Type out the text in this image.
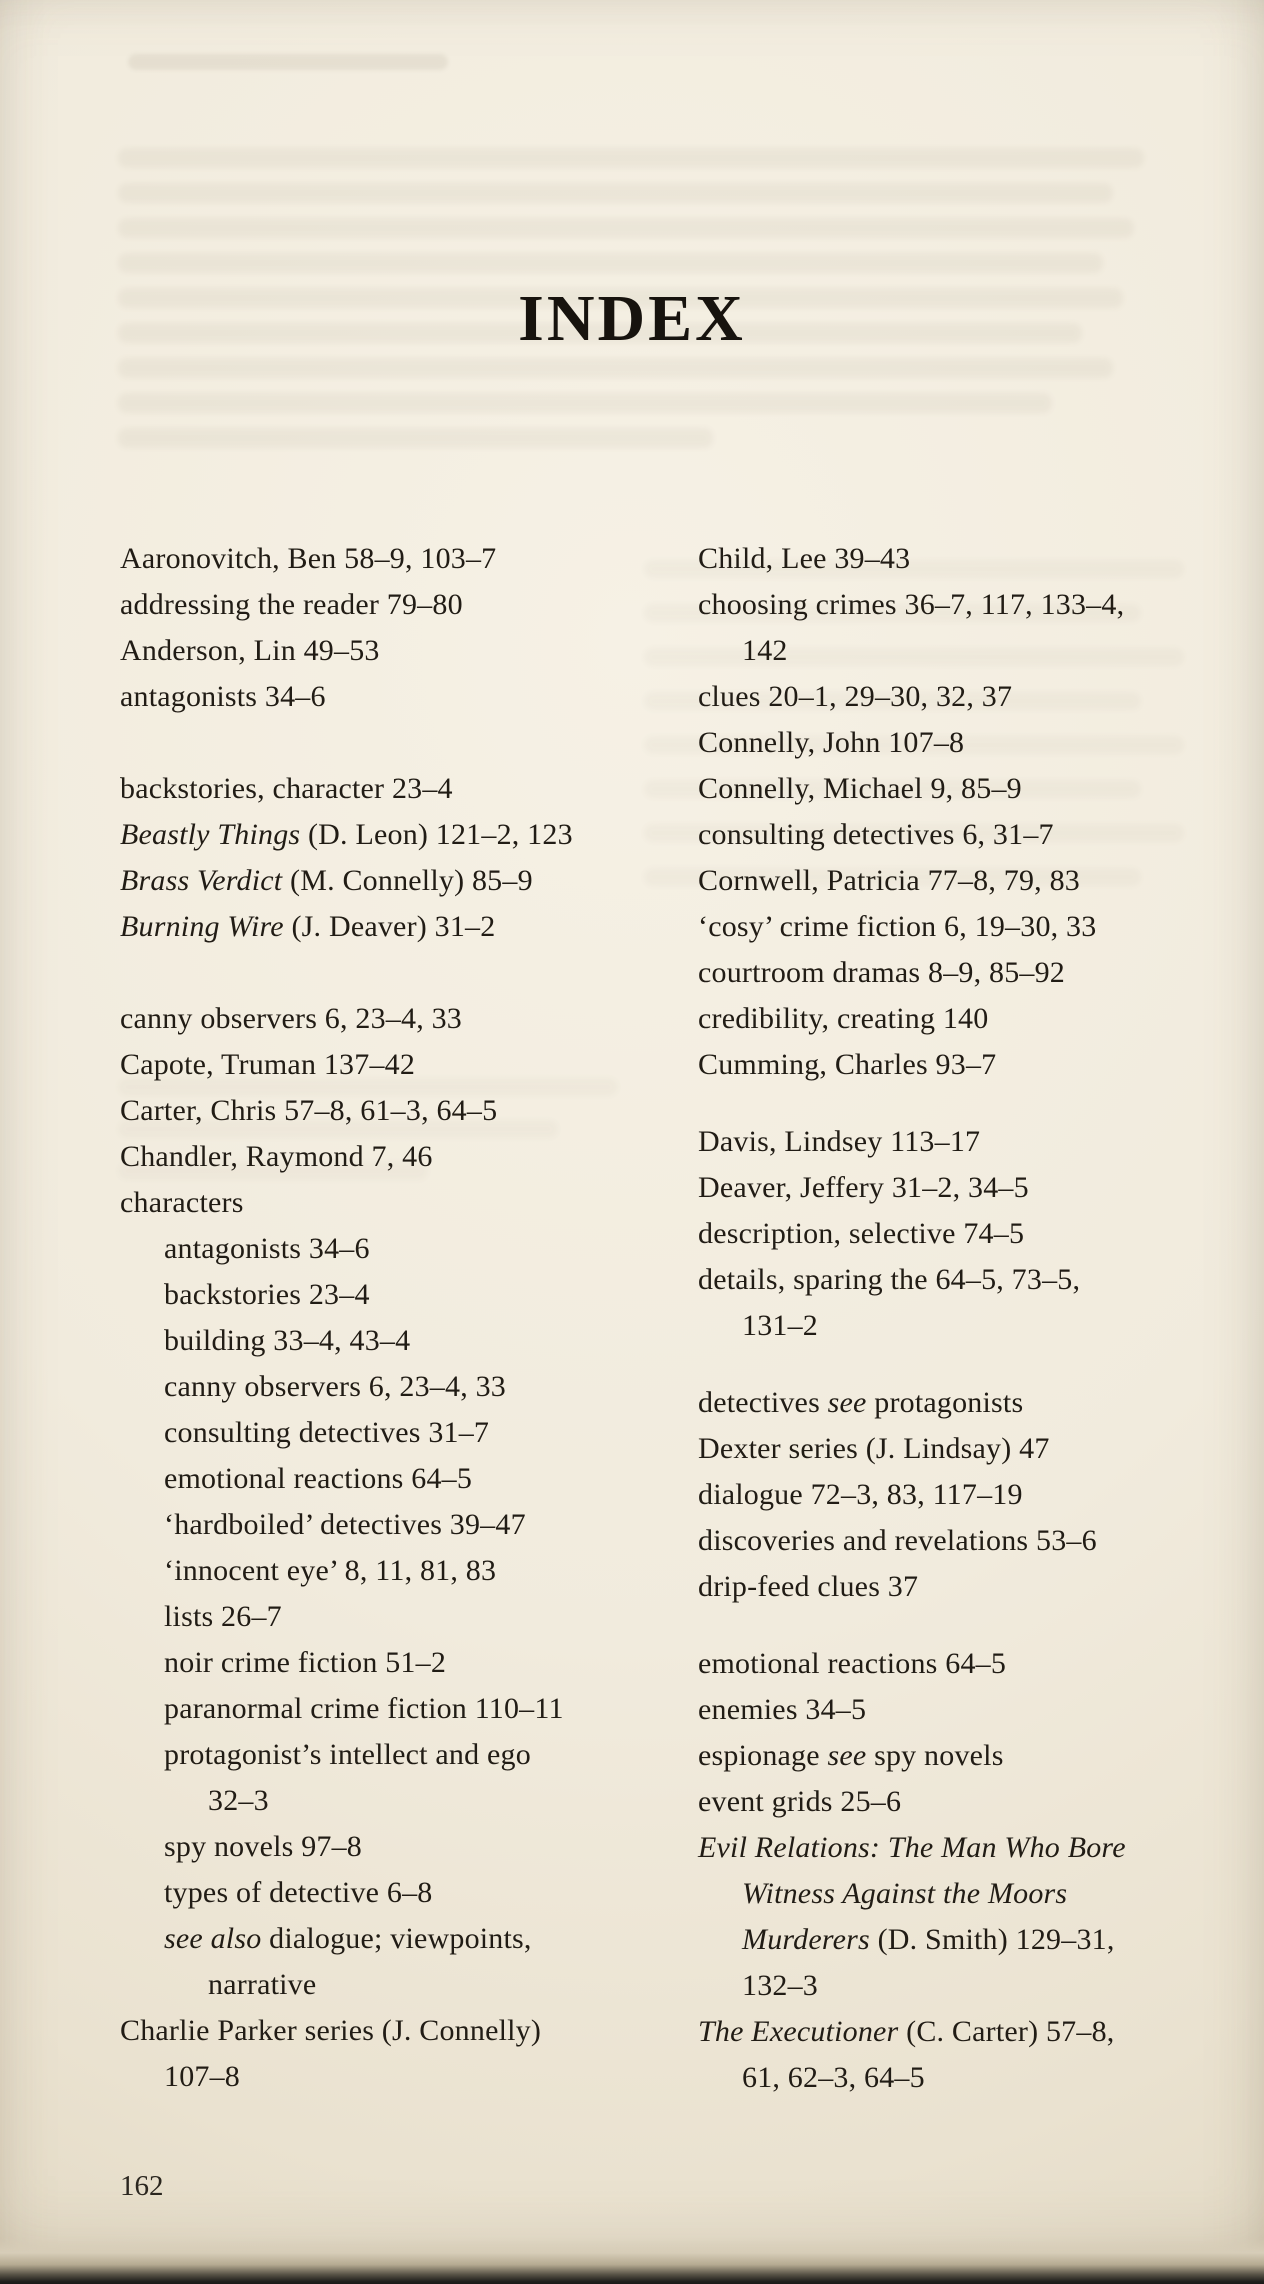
INDEX
Aaronovitch, Ben 58–9, 103–7
addressing the reader 79–80
Anderson, Lin 49–53
antagonists 34–6
backstories, character 23–4
Beastly Things (D. Leon) 121–2, 123
Brass Verdict (M. Connelly) 85–9
Burning Wire (J. Deaver) 31–2
canny observers 6, 23–4, 33
Capote, Truman 137–42
Carter, Chris 57–8, 61–3, 64–5
Chandler, Raymond 7, 46
characters
antagonists 34–6
backstories 23–4
building 33–4, 43–4
canny observers 6, 23–4, 33
consulting detectives 31–7
emotional reactions 64–5
‘hardboiled’ detectives 39–47
‘innocent eye’ 8, 11, 81, 83
lists 26–7
noir crime fiction 51–2
paranormal crime fiction 110–11
protagonist’s intellect and ego
32–3
spy novels 97–8
types of detective 6–8
see also dialogue; viewpoints,
narrative
Charlie Parker series (J. Connelly)
107–8
Child, Lee 39–43
choosing crimes 36–7, 117, 133–4,
142
clues 20–1, 29–30, 32, 37
Connelly, John 107–8
Connelly, Michael 9, 85–9
consulting detectives 6, 31–7
Cornwell, Patricia 77–8, 79, 83
‘cosy’ crime fiction 6, 19–30, 33
courtroom dramas 8–9, 85–92
credibility, creating 140
Cumming, Charles 93–7
Davis, Lindsey 113–17
Deaver, Jeffery 31–2, 34–5
description, selective 74–5
details, sparing the 64–5, 73–5,
131–2
detectives see protagonists
Dexter series (J. Lindsay) 47
dialogue 72–3, 83, 117–19
discoveries and revelations 53–6
drip-feed clues 37
emotional reactions 64–5
enemies 34–5
espionage see spy novels
event grids 25–6
Evil Relations: The Man Who Bore
Witness Against the Moors
Murderers (D. Smith) 129–31,
132–3
The Executioner (C. Carter) 57–8,
61, 62–3, 64–5
162
